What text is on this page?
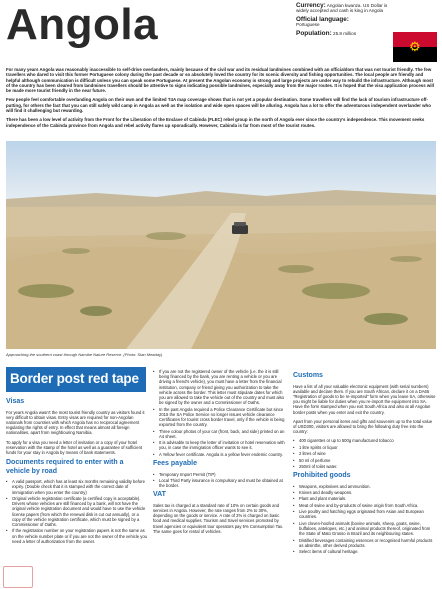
Angola	Currency: Angolan kwanza. US Dollar is widely accepted and cash is king in Angola
Official language:
Portuguese
Population: 25.8 million
⚙

For many years Angola was reasonably inaccessible to self-drive overlanders, mainly because of the civil war and its residual landmines combined with an officialdom that was not tourist friendly. The few travellers who dared to visit this former Portuguese colony during the past decade or so absolutely loved the country for its scenic diversity and fishing opportunities. The local people are friendly and helpful although communication is difficult unless you can speak some Portuguese. At present the Angolan economy is strong and large projects are under way to rebuild the infrastructure. Although most of the country has been cleared from landmines travellers should be attentive to signs indicating possible landmines, especially away from the major routes. It is hoped that the visa application process will be made more tourist friendly in the near future.

Few people feel comfortable overlanding Angola on their own and the limited T4A map coverage shows that is not yet a popular destination. Some travellers will find the lack of tourism infrastructure off-putting, for others the fact that you can still safely wild camp in Angola as well as the isolation and wide open spaces will be alluring. Angola has a lot to offer the adventurous independent overlander who will find it challenging but rewarding.

There has been a low level of activity from the Front for the Liberation of the Enclave of Cabinda (FLEC) rebel group in the north of Angola ever since the country's independence. This movement seeks independence of the Cabinda province from Angola and rebel activity flares up sporadically. However, Cabinda is far from most of the tourist routes.

Approaching the southern coast through Namibe Nature Reserve. (Photo: Stan Meaday)
Border post red tape
Visas

For years Angola wasn't the most tourist friendly country as visitors found it very difficult to obtain visas. Entry visas are required for non-Angolan nationals from countries with which Angola has no reciprocal agreement regulating the rights of entry. In effect that means almost all foreign nationalities, apart from neighbouring Namibia.

To apply for a visa you need a letter of invitation or a copy of your hotel reservation with the stamp of the hotel as well as a guarantee of sufficient funds for your stay in Angola by means of bank statements.

Documents required to enter with a vehicle by road
• A valid passport, which has at least six months remaining validity before expiry. (Double check that it is stamped with the correct date of immigration when you enter the country)
• Original vehicle registration certificate (a certified copy is acceptable). Drivers whose vehicles are still financed by a bank, will not have the original vehicle registration document and would have to use the vehicle license papers (from which the renewal disk is cut out annually), or a copy of the vehicle registration certificate, which must be signed by a Commissioner of Oaths.
• If the registration number on your registration papers is not the same as on the vehicle number plate or if you are not the owner of the vehicle you need a letter of authorization from the owner.
• If you are not the registered owner of the vehicle (i.e. the it is still being financed by the bank, you are renting a vehicle or you are driving a friend's vehicle), you must have a letter from the financial institution, company or friend giving you authorization to take the vehicle across the border. This letter must stipulate dates for which you are allowed to take the vehicle out of the country and must also be signed by the owner and a Commissioner of Oaths.
• In the past Angola required a Police Clearance Certificate but since 2015 the SA Police Service no longer issues vehicle clearance Certificates for tourist cross border travel, only if the vehicle is being exported from the country.
• Three colour photos of your car (front, back, and side) printed on an A4 sheet.
• It is advisable to keep the letter of invitation or hotel reservation with you, in case the immigration officer wants to see it.
• A Yellow fever certificate. Angola is a yellow fever endemic country.
Fees payable
• Temporary Import Permit (TIP)
• Local Third Party insurance is compulsory and must be obtained at the border.
VAT

Sales tax is charged at a standard rate of 10% on certain goods and services in Angola. However, the rate ranges from 2% to 30%, depending on the goods or service. A rate of 2% is charged on basic food and medical supplies. Tourism and travel services promoted by travel agencies or equivalent tour operators pay 5% Consumption Tax. The same goes for rental of vehicles.

Customs

Have a list of all your valuable electronic equipment (with serial numbers) available and declare them. If you are South African, declare it on a DA65 "Registration of goods to be re-imported" form when you leave SA, otherwise you might be liable for duties when you re-import the equipment into SA. Have the form stamped when you exit South Africa and also at all Angolan border posts when you enter and exit the country.

Apart from your personal items and gifts and souvenirs up to the total value of USD300, visitors are allowed to bring the following duty free into the country:

• 400 cigarettes or up to 500g manufactured tobacco
• 1 litre spirits or liquor
• 2 litres of wine
• 50 ml of perfume
• 250ml of toilet water.
Prohibited goods
• Weapons, explosives and ammunition.
• Knives and deadly weapons.
• Plant and plant materials.
• Meat of swine and by-products of swine origin from South Africa.
• Live poultry and hatching eggs originated from Asian and European countries.
• Live cloven-hoofed animals (bovine animals, sheep, goats, swine, buffaloes, antelopes, etc.) and animal products thereof, originated from the State of Mato Grosso in Brazil and its neighbouring states.
• Distilled beverages containing essences or recognised harmful products as absinthe, other derived products.
• Select items of cultural heritage.
